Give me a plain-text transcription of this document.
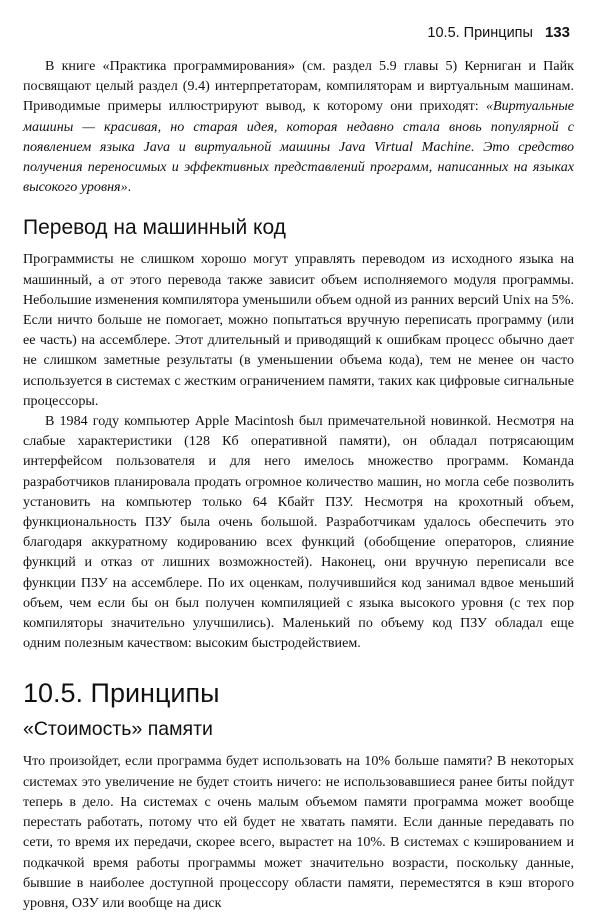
10.5. Принципы 133

В книге «Практика программирования» (см. раздел 5.9 главы 5) Керниган и Пайк посвящают целый раздел (9.4) интерпретаторам, компиляторам и виртуальным машинам. Приводимые примеры иллюстрируют вывод, к которому они приходят: «Виртуальные машины — красивая, но старая идея, которая недавно стала вновь популярной с появлением языка Java и виртуальной машины Java Virtual Machine. Это средство получения переносимых и эффективных представлений программ, написанных на языках высокого уровня».

Перевод на машинный код

Программисты не слишком хорошо могут управлять переводом из исходного языка на машинный, а от этого перевода также зависит объем исполняемого модуля программы. Небольшие изменения компилятора уменьшили объем одной из ранних версий Unix на 5%. Если ничто больше не помогает, можно попытаться вручную переписать программу (или ее часть) на ассемблере. Этот длительный и приводящий к ошибкам процесс обычно дает не слишком заметные результаты (в уменьшении объема кода), тем не менее он часто используется в системах с жестким ограничением памяти, таких как цифровые сигнальные процессоры.

В 1984 году компьютер Apple Macintosh был примечательной новинкой. Несмотря на слабые характеристики (128 Кб оперативной памяти), он обладал потрясающим интерфейсом пользователя и для него имелось множество программ. Команда разработчиков планировала продать огромное количество машин, но могла себе позволить установить на компьютер только 64 Кбайт ПЗУ. Несмотря на крохотный объем, функциональность ПЗУ была очень большой. Разработчикам удалось обеспечить это благодаря аккуратному кодированию всех функций (обобщение операторов, слияние функций и отказ от лишних возможностей). Наконец, они вручную переписали все функции ПЗУ на ассемблере. По их оценкам, получившийся код занимал вдвое меньший объем, чем если бы он был получен компиляцией с языка высокого уровня (с тех пор компиляторы значительно улучшились). Маленький по объему код ПЗУ обладал еще одним полезным качеством: высоким быстродействием.

10.5. Принципы
«Стоимость» памяти

Что произойдет, если программа будет использовать на 10% больше памяти? В некоторых системах это увеличение не будет стоить ничего: не использовавшиеся ранее биты пойдут теперь в дело. На системах с очень малым объемом памяти программа может вообще перестать работать, потому что ей будет не хватать памяти. Если данные передавать по сети, то время их передачи, скорее всего, вырастет на 10%. В системах с кэшированием и подкачкой время работы программы может значительно возрасти, поскольку данные, бывшие в наиболее доступной процессору области памяти, переместятся в кэш второго уровня, ОЗУ или вообще на диск
